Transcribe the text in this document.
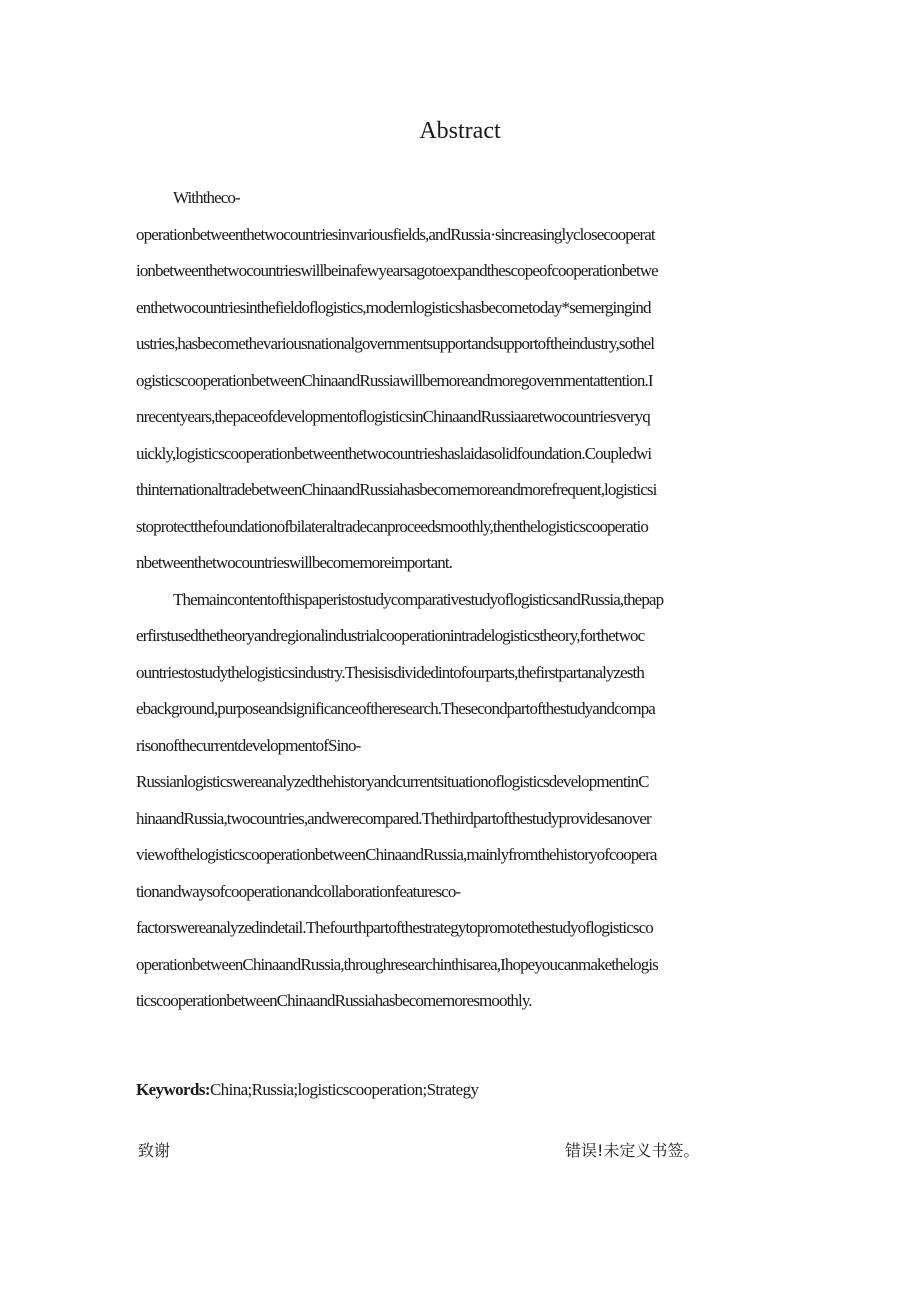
Abstract
Withtheco-
operationbetweenthetwocountriesinvariousfields,andRussia·sincreasinglyclosecooperat
ionbetweenthetwocountrieswillbeinafewyearsagotoexpandthescopeofcooperationbetwe
enthetwocountriesinthefieldoflogistics,modernlogisticshasbecometoday*semergingind
ustries,hasbecomethevariousnationalgovernmentsupportandsupportoftheindustry,sothel
ogisticscooperationbetweenChinaandRussiawillbemoreandmoregovernmentattention.I
nrecentyears,thepaceofdevelopmentoflogisticsinChinaandRussiaaretwocountriesveryq
uickly,logisticscooperationbetweenthetwocountrieshaslaidasolidfoundation.Coupledwi
thinternationaltradebetweenChinaandRussiahasbecomemoreandmorefrequent,logisticsi
stoprotectthefoundationofbilateraltradecanproceedsmoothly,thenthelogisticscooperatio
nbetweenthetwocountrieswillbecomemoreimportant.
ThemaincontentofthispaperistostudycomparativestudyoflogisticsandRussia,thepap
erfirstusedthetheoryandregionalindustrialcooperationintradelogisticstheory,forthetwoc
ountriestostudythelogisticsindustry.Thesisisdividedintofourparts,thefirstpartanalyzesth
ebackground,purposeandsignificanceoftheresearch.Thesecondpartofthestudyandcompa
risonofthecurrentdevelopmentofSino-
RussianlogisticswereanalyzedthehistoryandcurrentsituationoflogisticsdevelopmentinC
hinaandRussia,twocountries,andwerecompared.Thethirdpartofthestudyprovidesanover
viewofthelogisticscooperationbetweenChinaandRussia,mainlyfromthehistoryofcoopera
tionandwaysofcooperationandcollaborationfeaturesco-
factorswereanalyzedindetail.Thefourthpartofthestrategytopromotethestudyoflogisticsco
operationbetweenChinaandRussia,throughresearchinthisarea,Ihopeyoucanmakethelogis
ticscooperationbetweenChinaandRussiahasbecomemoresmoothly.
Keywords:China;Russia;logisticscooperation;Strategy
致谢	错误!未定义书签。
